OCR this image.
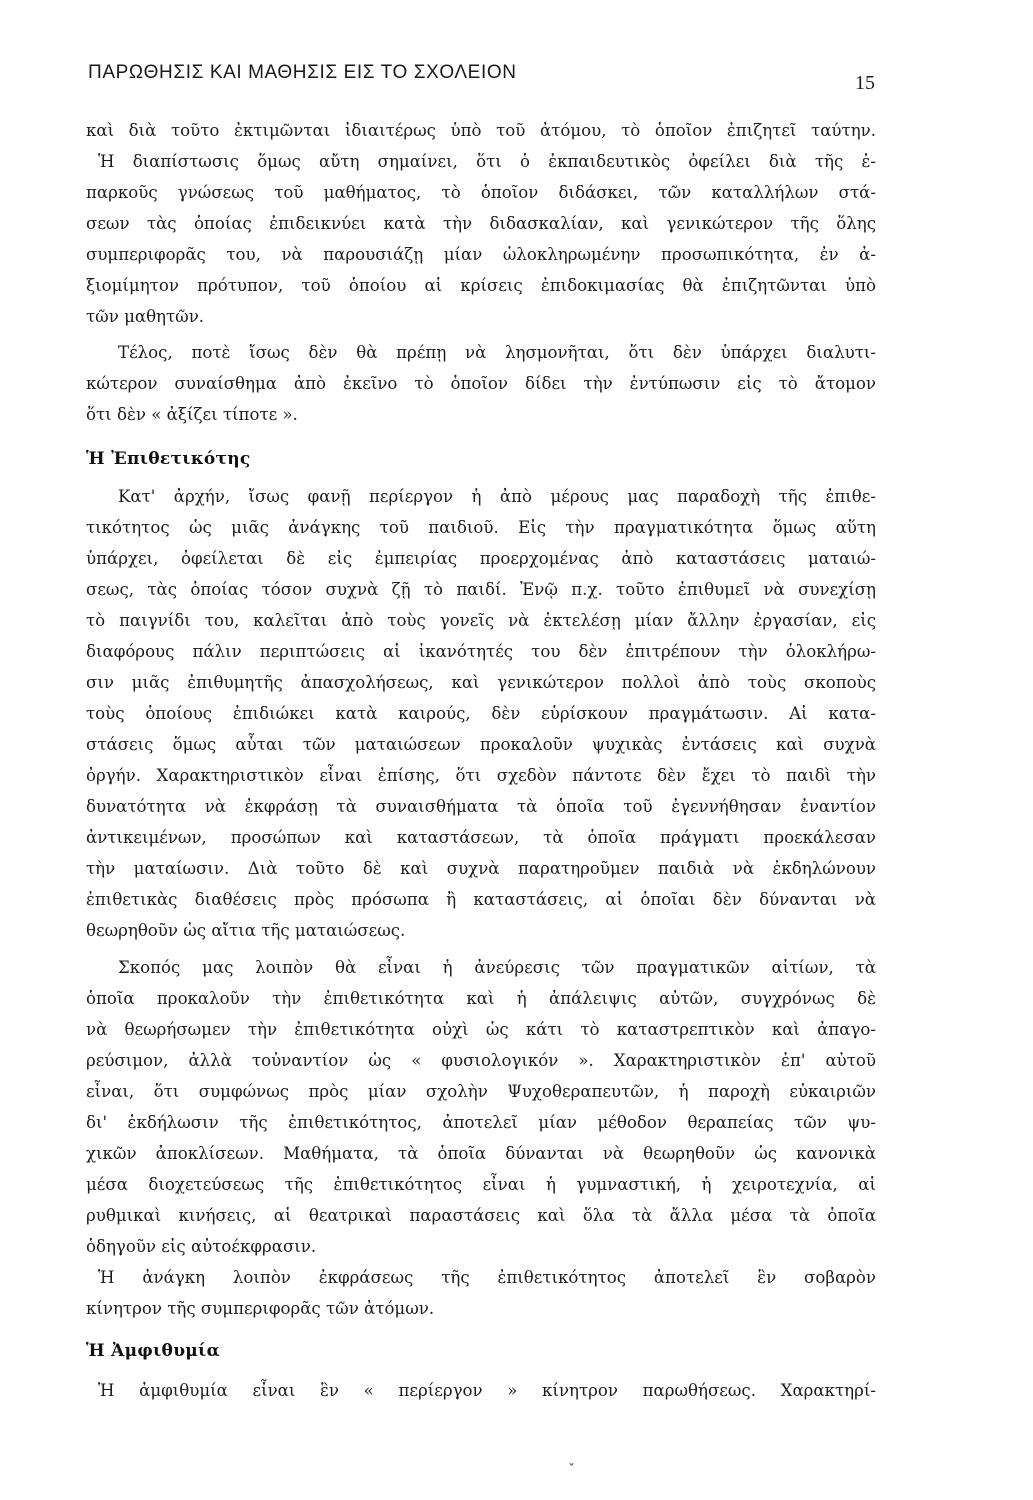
ΠΑΡΩΘΗΣΙΣ ΚΑΙ ΜΑΘΗΣΙΣ ΕΙΣ ΤΟ ΣΧΟΛΕΙΟΝ	15
καὶ διὰ τοῦτο ἐκτιμῶνται ἰδιαιτέρως ὑπὸ τοῦ ἀτόμου, τὸ ὁποῖον ἐπιζητεῖ ταύτην.
Ἡ διαπίστωσις ὅμως αὔτη σημαίνει, ὅτι ὁ ἐκπαιδευτικὸς ὀφείλει διὰ τῆς ἐ-
παρκοῦς γνώσεως τοῦ μαθήματος, τὸ ὁποῖον διδάσκει, τῶν καταλλήλων στά-
σεων τὰς ὁποίας ἐπιδεικνύει κατὰ τὴν διδασκαλίαν, καὶ γενικώτερον τῆς ὅλης
συμπεριφορᾶς του, νὰ παρουσιάζῃ μίαν ὡλοκληρωμένην προσωπικότητα, ἐν ἀ-
ξιομίμητον πρότυπον, τοῦ ὁποίου αἱ κρίσεις ἐπιδοκιμασίας θὰ ἐπιζητῶνται ὑπὸ
τῶν μαθητῶν.
Τέλος, ποτὲ ἴσως δὲν θὰ πρέπῃ νὰ λησμονῆται, ὅτι δὲν ὑπάρχει διαλυτι-
κώτερον συναίσθημα ἀπὸ ἐκεῖνο τὸ ὁποῖον δίδει τὴν ἐντύπωσιν εἰς τὸ ἄτομον
ὅτι δὲν « ἀξίζει τίποτε ».
Ἡ Ἐπιθετικότης
Κατ' ἀρχήν, ἴσως φανῇ περίεργον ἡ ἀπὸ μέρους μας παραδοχὴ τῆς ἐπιθε-
τικότητος ὡς μιᾶς ἀνάγκης τοῦ παιδιοῦ. Εἰς τὴν πραγματικότητα ὅμως αὕτη
ὑπάρχει, ὀφείλεται δὲ εἰς ἐμπειρίας προερχομένας ἀπὸ καταστάσεις ματαιώ-
σεως, τὰς ὁποίας τόσον συχνὰ ζῇ τὸ παιδί. Ἐνῷ π.χ. τοῦτο ἐπιθυμεῖ νὰ συνεχίσῃ
τὸ παιγνίδι του, καλεῖται ἀπὸ τοὺς γονεῖς νὰ ἐκτελέσῃ μίαν ἄλλην ἐργασίαν, εἰς
διαφόρους πάλιν περιπτώσεις αἱ ἱκανότητές του δὲν ἐπιτρέπουν τὴν ὁλοκλήρω-
σιν μιᾶς ἐπιθυμητῆς ἀπασχολήσεως, καὶ γενικώτερον πολλοὶ ἀπὸ τοὺς σκοποὺς
τοὺς ὁποίους ἐπιδιώκει κατὰ καιρούς, δὲν εὑρίσκουν πραγμάτωσιν. Αἱ κατα-
στάσεις ὅμως αὗται τῶν ματαιώσεων προκαλοῦν ψυχικὰς ἐντάσεις καὶ συχνὰ
ὀργήν. Χαρακτηριστικὸν εἶναι ἐπίσης, ὅτι σχεδὸν πάντοτε δὲν ἔχει τὸ παιδὶ τὴν
δυνατότητα νὰ ἐκφράσῃ τὰ συναισθήματα τὰ ὁποῖα τοῦ ἐγεννήθησαν ἐναντίον
ἀντικειμένων, προσώπων καὶ καταστάσεων, τὰ ὁποῖα πράγματι προεκάλεσαν
τὴν ματαίωσιν. Διὰ τοῦτο δὲ καὶ συχνὰ παρατηροῦμεν παιδιὰ νὰ ἐκδηλώνουν
ἐπιθετικὰς διαθέσεις πρὸς πρόσωπα ἢ καταστάσεις, αἱ ὁποῖαι δὲν δύνανται νὰ
θεωρηθοῦν ὡς αἴτια τῆς ματαιώσεως.
Σκοπός μας λοιπὸν θὰ εἶναι ἡ ἀνεύρεσις τῶν πραγματικῶν αἰτίων, τὰ
ὁποῖα προκαλοῦν τὴν ἐπιθετικότητα καὶ ἡ ἀπάλειψις αὐτῶν, συγχρόνως δὲ
νὰ θεωρήσωμεν τὴν ἐπιθετικότητα οὐχὶ ὡς κάτι τὸ καταστρεπτικὸν καὶ ἀπαγο-
ρεύσιμον, ἀλλὰ τοὐναντίον ὡς « φυσιολογικόν ». Χαρακτηριστικὸν ἐπ' αὐτοῦ
εἶναι, ὅτι συμφώνως πρὸς μίαν σχολὴν Ψυχοθεραπευτῶν, ἡ παροχὴ εὐκαιριῶν
δι' ἐκδήλωσιν τῆς ἐπιθετικότητος, ἀποτελεῖ μίαν μέθοδον θεραπείας τῶν ψυ-
χικῶν ἀποκλίσεων. Μαθήματα, τὰ ὁποῖα δύνανται νὰ θεωρηθοῦν ὡς κανονικὰ
μέσα διοχετεύσεως τῆς ἐπιθετικότητος εἶναι ἡ γυμναστική, ἡ χειροτεχνία, αἱ
ρυθμικαὶ κινήσεις, αἱ θεατρικαὶ παραστάσεις καὶ ὅλα τὰ ἄλλα μέσα τὰ ὁποῖα
ὁδηγοῦν εἰς αὐτοέκφρασιν.
Ἡ ἀνάγκη λοιπὸν ἐκφράσεως τῆς ἐπιθετικότητος ἀποτελεῖ ἓν σοβαρὸν
κίνητρον τῆς συμπεριφορᾶς τῶν ἀτόμων.
Ἡ Ἀμφιθυμία
Ἡ ἀμφιθυμία εἶναι ἓν « περίεργον » κίνητρον παρωθήσεως. Χαρακτηρί-
ˇ
